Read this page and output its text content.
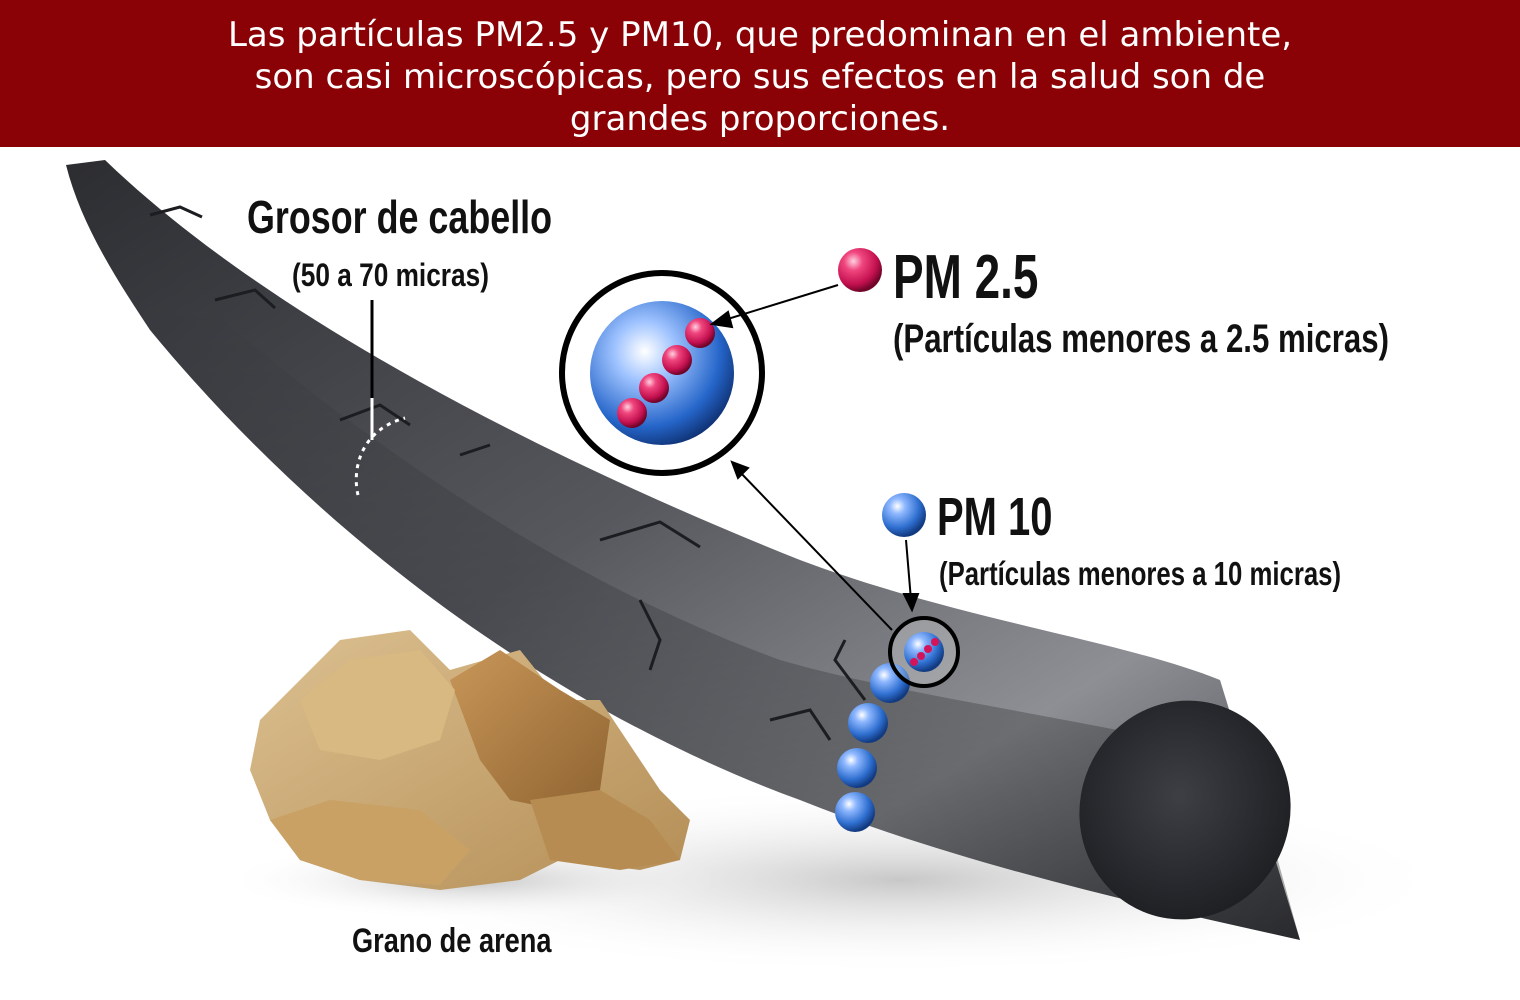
Las partículas PM2.5 y PM10, que predominan en el ambiente,
son casi microscópicas, pero sus efectos en la salud son de
grandes proporciones.
Grosor de cabello
(50 a 70 micras)	PM 2.5
(Partículas menores a 2.5 micras)
PM 10
(Partículas menores a 10 micras)
Grano de arena
